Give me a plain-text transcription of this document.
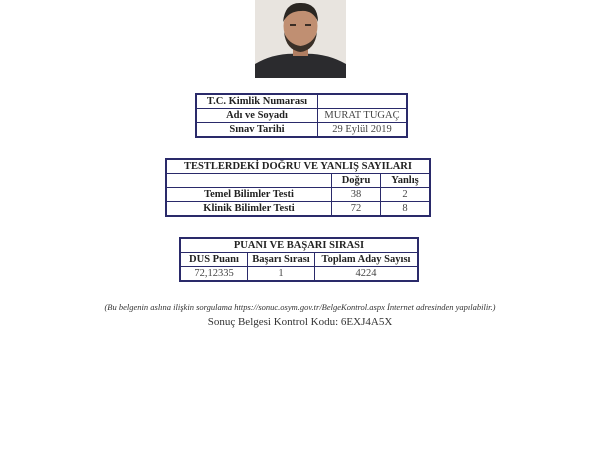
T.C. Kimlik Numarası	
Adı ve Soyadı	MURAT TUGAÇ
Sınav Tarihi	29 Eylül 2019
TESTLERDEKİ DOĞRU VE YANLIŞ SAYILARI		
	Doğru	Yanlış
Temel Bilimler Testi	38	2
Klinik Bilimler Testi	72	8
PUANI VE BAŞARI SIRASI		
DUS Puanı	Başarı Sırası	Toplam Aday Sayısı
72,12335	1	4224
(Bu belgenin aslına ilişkin sorgulama https://sonuc.osym.gov.tr/BelgeKontrol.aspx İnternet adresinden yapılabilir.)
Sonuç Belgesi Kontrol Kodu: 6EXJ4A5X
